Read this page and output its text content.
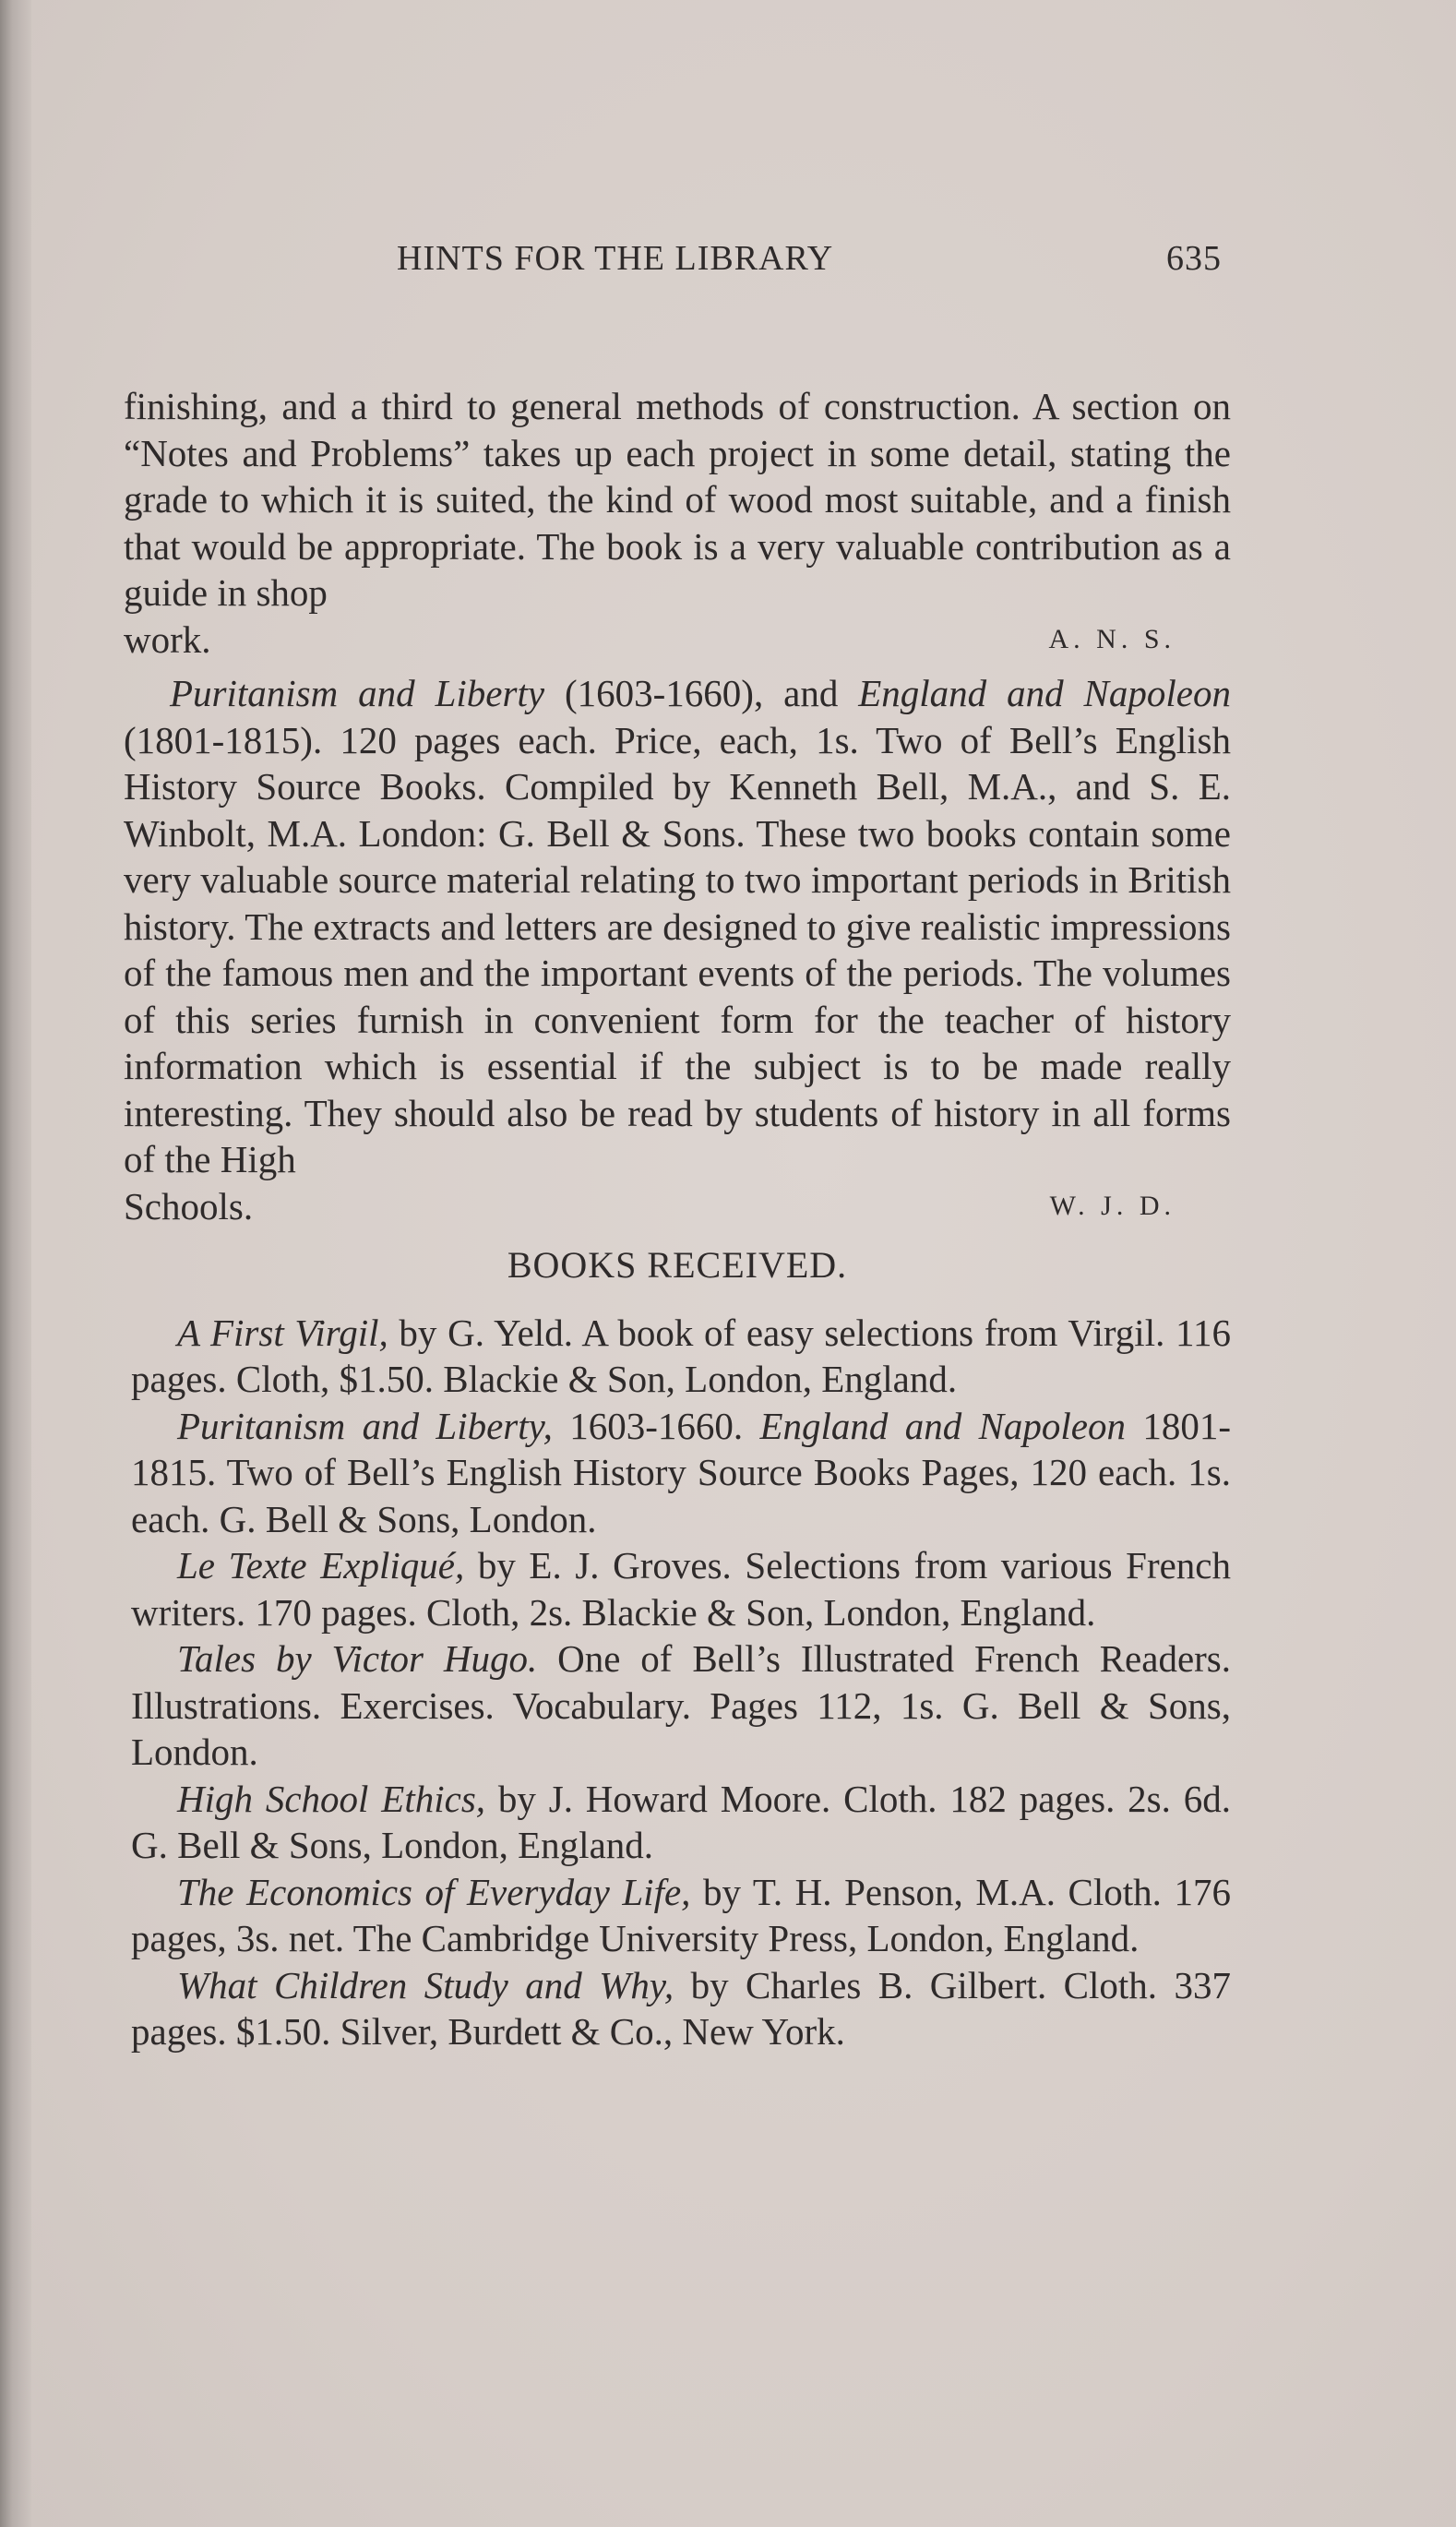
HINTS FOR THE LIBRARY	635

finishing, and a third to general methods of construction. A section on “Notes and Problems” takes up each project in some detail, stating the grade to which it is suited, the kind of wood most suitable, and a finish that would be appropriate. The book is a very valuable contribution as a guide in shop

work.	A. N. S.

Puritanism and Liberty (1603-1660), and England and Napoleon (1801-1815). 120 pages each. Price, each, 1s. Two of Bell’s English History Source Books. Compiled by Kenneth Bell, M.A., and S. E. Winbolt, M.A. London: G. Bell & Sons. These two books contain some very valuable source material relating to two important periods in British history. The extracts and letters are designed to give realistic impressions of the famous men and the important events of the periods. The volumes of this series furnish in convenient form for the teacher of history information which is essential if the subject is to be made really interesting. They should also be read by students of history in all forms of the High

Schools.	W. J. D.
BOOKS RECEIVED.

A First Virgil, by G. Yeld. A book of easy selections from Virgil. 116 pages. Cloth, $1.50. Blackie & Son, London, England.

Puritanism and Liberty, 1603-1660. England and Napoleon 1801-1815. Two of Bell’s English History Source Books Pages, 120 each. 1s. each. G. Bell & Sons, London.

Le Texte Expliqué, by E. J. Groves. Selections from various French writers. 170 pages. Cloth, 2s. Blackie & Son, London, England.

Tales by Victor Hugo. One of Bell’s Illustrated French Readers. Illustrations. Exercises. Vocabulary. Pages 112, 1s. G. Bell & Sons, London.

High School Ethics, by J. Howard Moore. Cloth. 182 pages. 2s. 6d. G. Bell & Sons, London, England.

The Economics of Everyday Life, by T. H. Penson, M.A. Cloth. 176 pages, 3s. net. The Cambridge University Press, London, England.

What Children Study and Why, by Charles B. Gilbert. Cloth. 337 pages. $1.50. Silver, Burdett & Co., New York.
